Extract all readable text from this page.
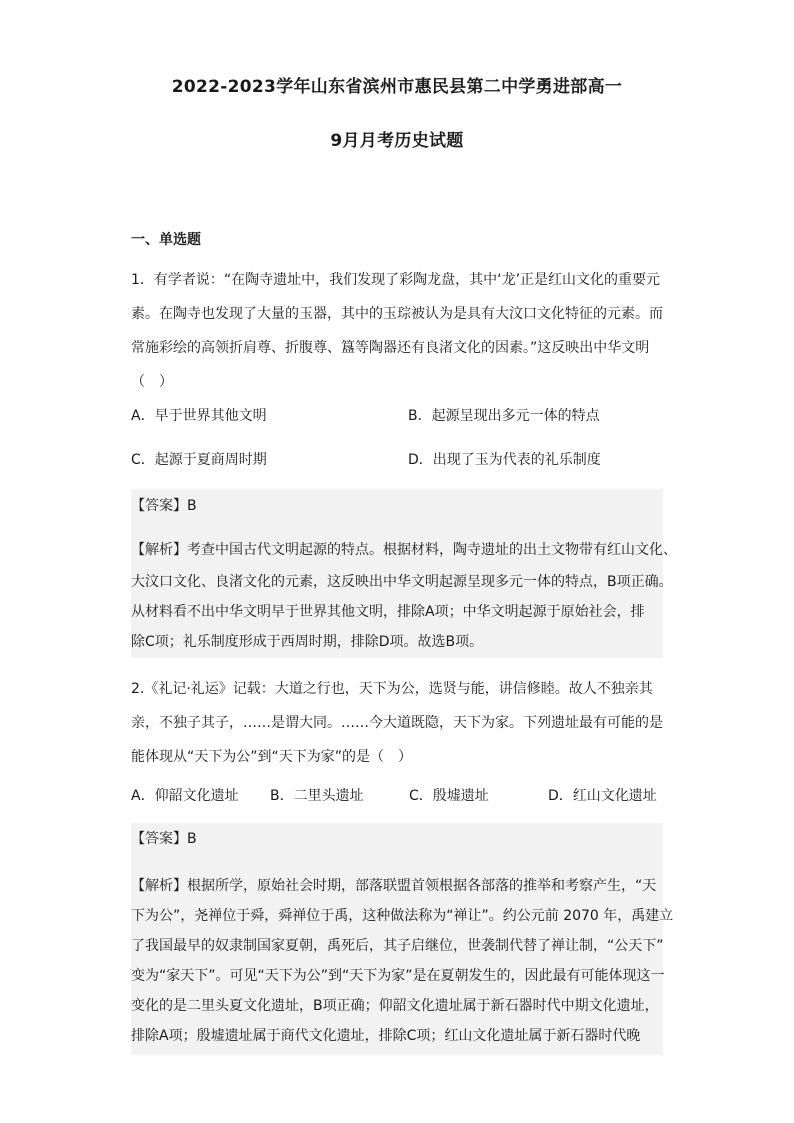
2022-2023学年山东省滨州市惠民县第二中学勇进部高一
9月月考历史试题
一、单选题
1．有学者说：“在陶寺遗址中，我们发现了彩陶龙盘，其中‘龙’正是红山文化的重要元
素。在陶寺也发现了大量的玉器，其中的玉琮被认为是具有大汶口文化特征的元素。而
常施彩绘的高领折肩尊、折腹尊、簋等陶器还有良渚文化的因素。”这反映出中华文明
（　）
A．早于世界其他文明	B．起源呈现出多元一体的特点
C．起源于夏商周时期	D．出现了玉为代表的礼乐制度
【答案】B
【解析】考查中国古代文明起源的特点。根据材料，陶寺遗址的出土文物带有红山文化、
大汶口文化、良渚文化的元素，这反映出中华文明起源呈现多元一体的特点，B项正确。
从材料看不出中华文明早于世界其他文明，排除A项；中华文明起源于原始社会，排
除C项；礼乐制度形成于西周时期，排除D项。故选B项。
2.《礼记·礼运》记载：大道之行也，天下为公，选贤与能，讲信修睦。故人不独亲其
亲，不独子其子，……是谓大同。……今大道既隐，天下为家。下列遗址最有可能的是
能体现从“天下为公”到“天下为家”的是（　）
A．仰韶文化遗址 B．二里头遗址	C．殷墟遗址	D．红山文化遗址
【答案】B
【解析】根据所学，原始社会时期，部落联盟首领根据各部落的推举和考察产生，“天
下为公”，尧禅位于舜，舜禅位于禹，这种做法称为“禅让”。约公元前 2070 年，禹建立
了我国最早的奴隶制国家夏朝，禹死后，其子启继位，世袭制代替了禅让制，“公天下”
变为“家天下”。可见“天下为公”到“天下为家”是在夏朝发生的，因此最有可能体现这一
变化的是二里头夏文化遗址，B项正确；仰韶文化遗址属于新石器时代中期文化遗址，
排除A项；殷墟遗址属于商代文化遗址，排除C项；红山文化遗址属于新石器时代晚
